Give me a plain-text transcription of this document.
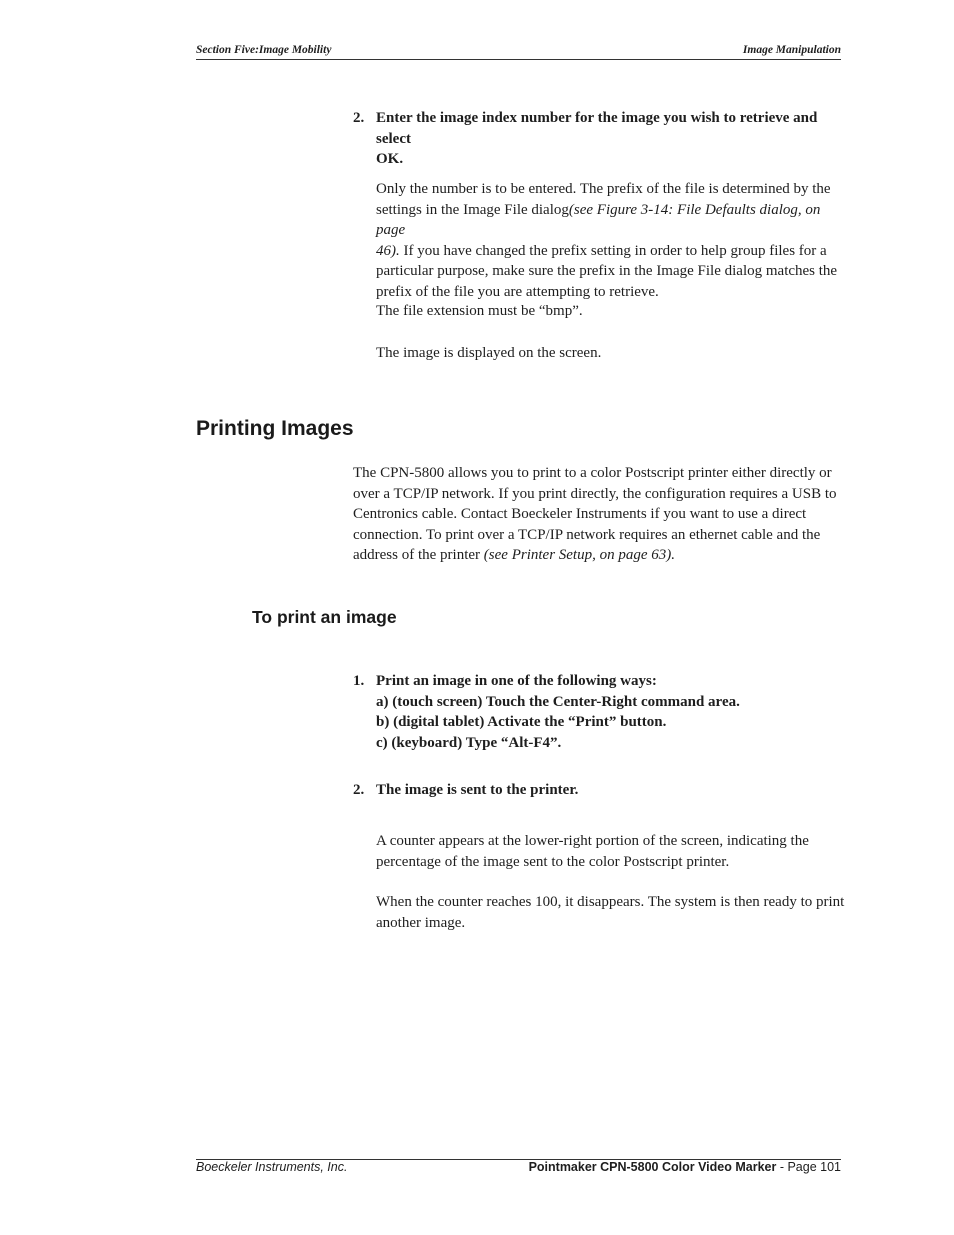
Section Five:Image Mobility	Image Manipulation
2. Enter the image index number for the image you wish to retrieve and select
OK.
Only the number is to be entered. The prefix of the file is determined by the
settings in the Image File dialog(see Figure 3-14: File Defaults dialog, on page
46). If you have changed the prefix setting in order to help group files for a
particular purpose, make sure the prefix in the Image File dialog matches the
prefix of the file you are attempting to retrieve.
The file extension must be “bmp”.
The image is displayed on the screen.
Printing Images
The CPN-5800 allows you to print to a color Postscript printer either directly or
over a TCP/IP network. If you print directly, the configuration requires a USB to
Centronics cable. Contact Boeckeler Instruments if you want to use a direct
connection. To print over a TCP/IP network requires an ethernet cable and the
address of the printer (see Printer Setup, on page 63).
To print an image
1. Print an image in one of the following ways:
a) (touch screen) Touch the Center-Right command area.
b) (digital tablet) Activate the “Print” button.
c) (keyboard) Type “Alt-F4”.
2. The image is sent to the printer.
A counter appears at the lower-right portion of the screen, indicating the
percentage of the image sent to the color Postscript printer.
When the counter reaches 100, it disappears. The system is then ready to print
another image.
Boeckeler Instruments, Inc.	Pointmaker CPN-5800 Color Video Marker - Page 101
